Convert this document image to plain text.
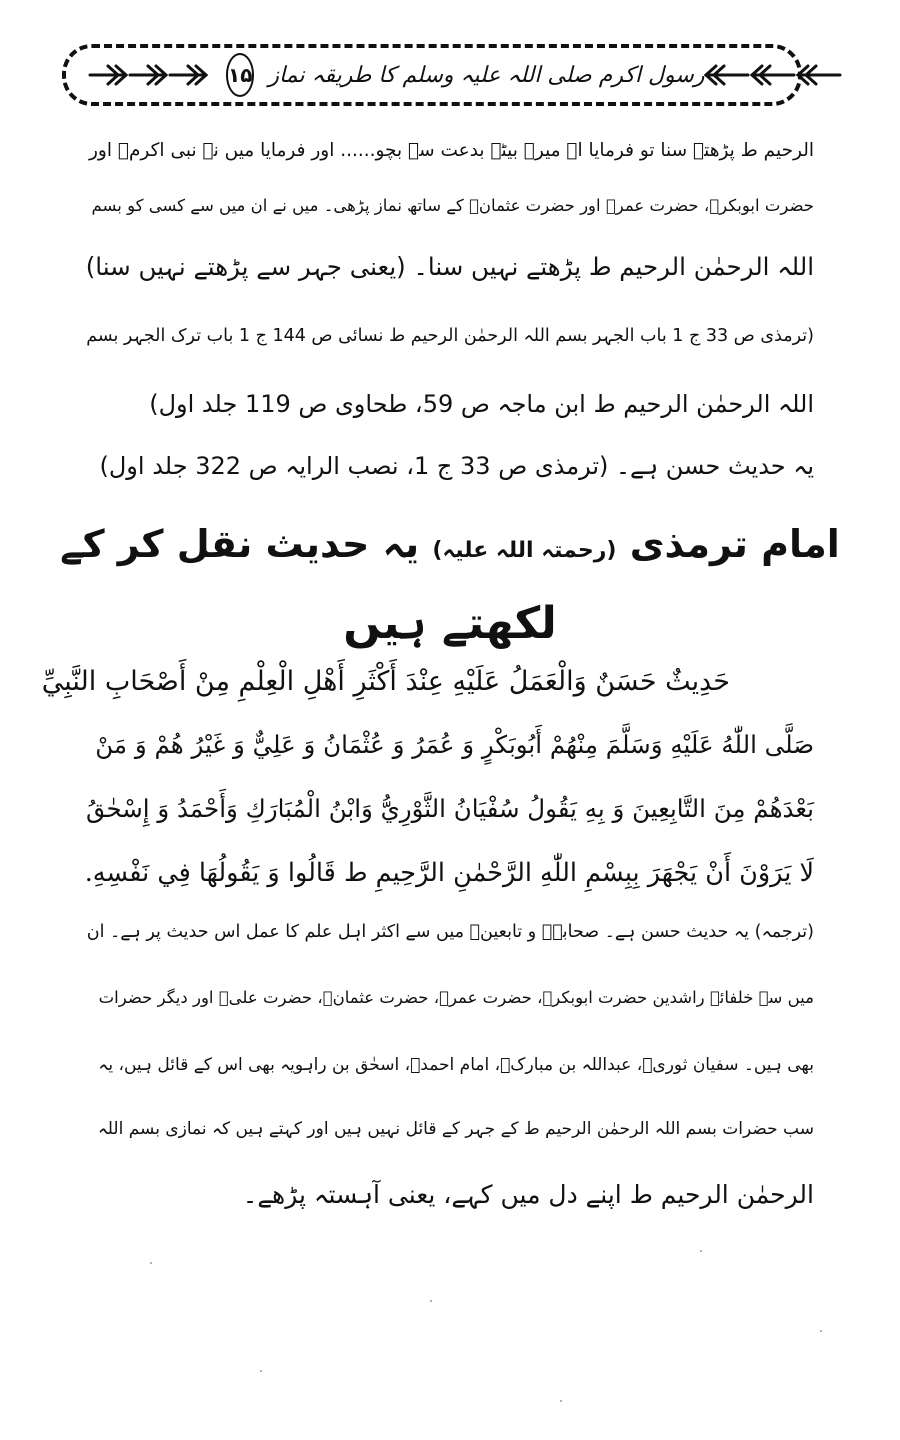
۱۵ رسول اکرم صلی اللہ علیہ وسلم کا طریقہ نماز
الرحیم ط پڑھتے سنا تو فرمایا اے میرے بیٹے بدعت سے بچو...... اور فرمایا میں نے نبی اکرمؐ اور
حضرت ابوبکرؓ، حضرت عمرؓ اور حضرت عثمانؓ کے ساتھ نماز پڑھی۔ میں نے ان میں سے کسی کو بسم
اللہ الرحمٰن الرحیم ط پڑھتے نہیں سنا۔ (یعنی جہر سے پڑھتے نہیں سنا)
(ترمذی ص 33 ج 1 باب الجہر بسم اللہ الرحمٰن الرحیم ط نسائی ص 144 ج 1 باب ترک الجہر بسم
اللہ الرحمٰن الرحیم ط ابن ماجہ ص 59، طحاوی ص 119 جلد اول)
یہ حدیث حسن ہے۔ (ترمذی ص 33 ج 1، نصب الرایہ ص 322 جلد اول)
امام ترمذی (رحمتہ اللہ علیہ) یہ حدیث نقل کر کے
لکھتے ہیں
حَدِيثٌ حَسَنٌ وَالْعَمَلُ عَلَيْهِ عِنْدَ أَكْثَرِ أَهْلِ الْعِلْمِ مِنْ أَصْحَابِ النَّبِيِّ
صَلَّى اللّٰهُ عَلَيْهِ وَسَلَّمَ مِنْهُمْ أَبُوبَكْرٍ وَ عُمَرُ وَ عُثْمَانُ وَ عَلِيٌّ وَ غَيْرُ هُمْ وَ مَنْ
بَعْدَهُمْ مِنَ التَّابِعِينَ وَ بِهِ يَقُولُ سُفْيَانُ الثَّوْرِيُّ وَابْنُ الْمُبَارَكِ وَأَحْمَدُ وَ إِسْحٰقُ
لَا يَرَوْنَ أَنْ يَجْهَرَ بِبِسْمِ اللّٰهِ الرَّحْمٰنِ الرَّحِيمِ ط قَالُوا وَ يَقُولُهَا فِي نَفْسِهِ.
(ترجمہ) یہ حدیث حسن ہے۔ صحابہؓ و تابعینؒ میں سے اکثر اہل علم کا عمل اس حدیث پر ہے۔ ان
میں سے خلفائے راشدین حضرت ابوبکرؓ، حضرت عمرؓ، حضرت عثمانؓ، حضرت علیؓ اور دیگر حضرات
بھی ہیں۔ سفیان ثوریؒ، عبداللہ بن مبارکؒ، امام احمدؒ، اسحٰق بن راہویہ بھی اس کے قائل ہیں، یہ
سب حضرات بسم اللہ الرحمٰن الرحیم ط کے جہر کے قائل نہیں ہیں اور کہتے ہیں کہ نمازی بسم اللہ
الرحمٰن الرحیم ط اپنے دل میں کہے، یعنی آہستہ پڑھے۔
